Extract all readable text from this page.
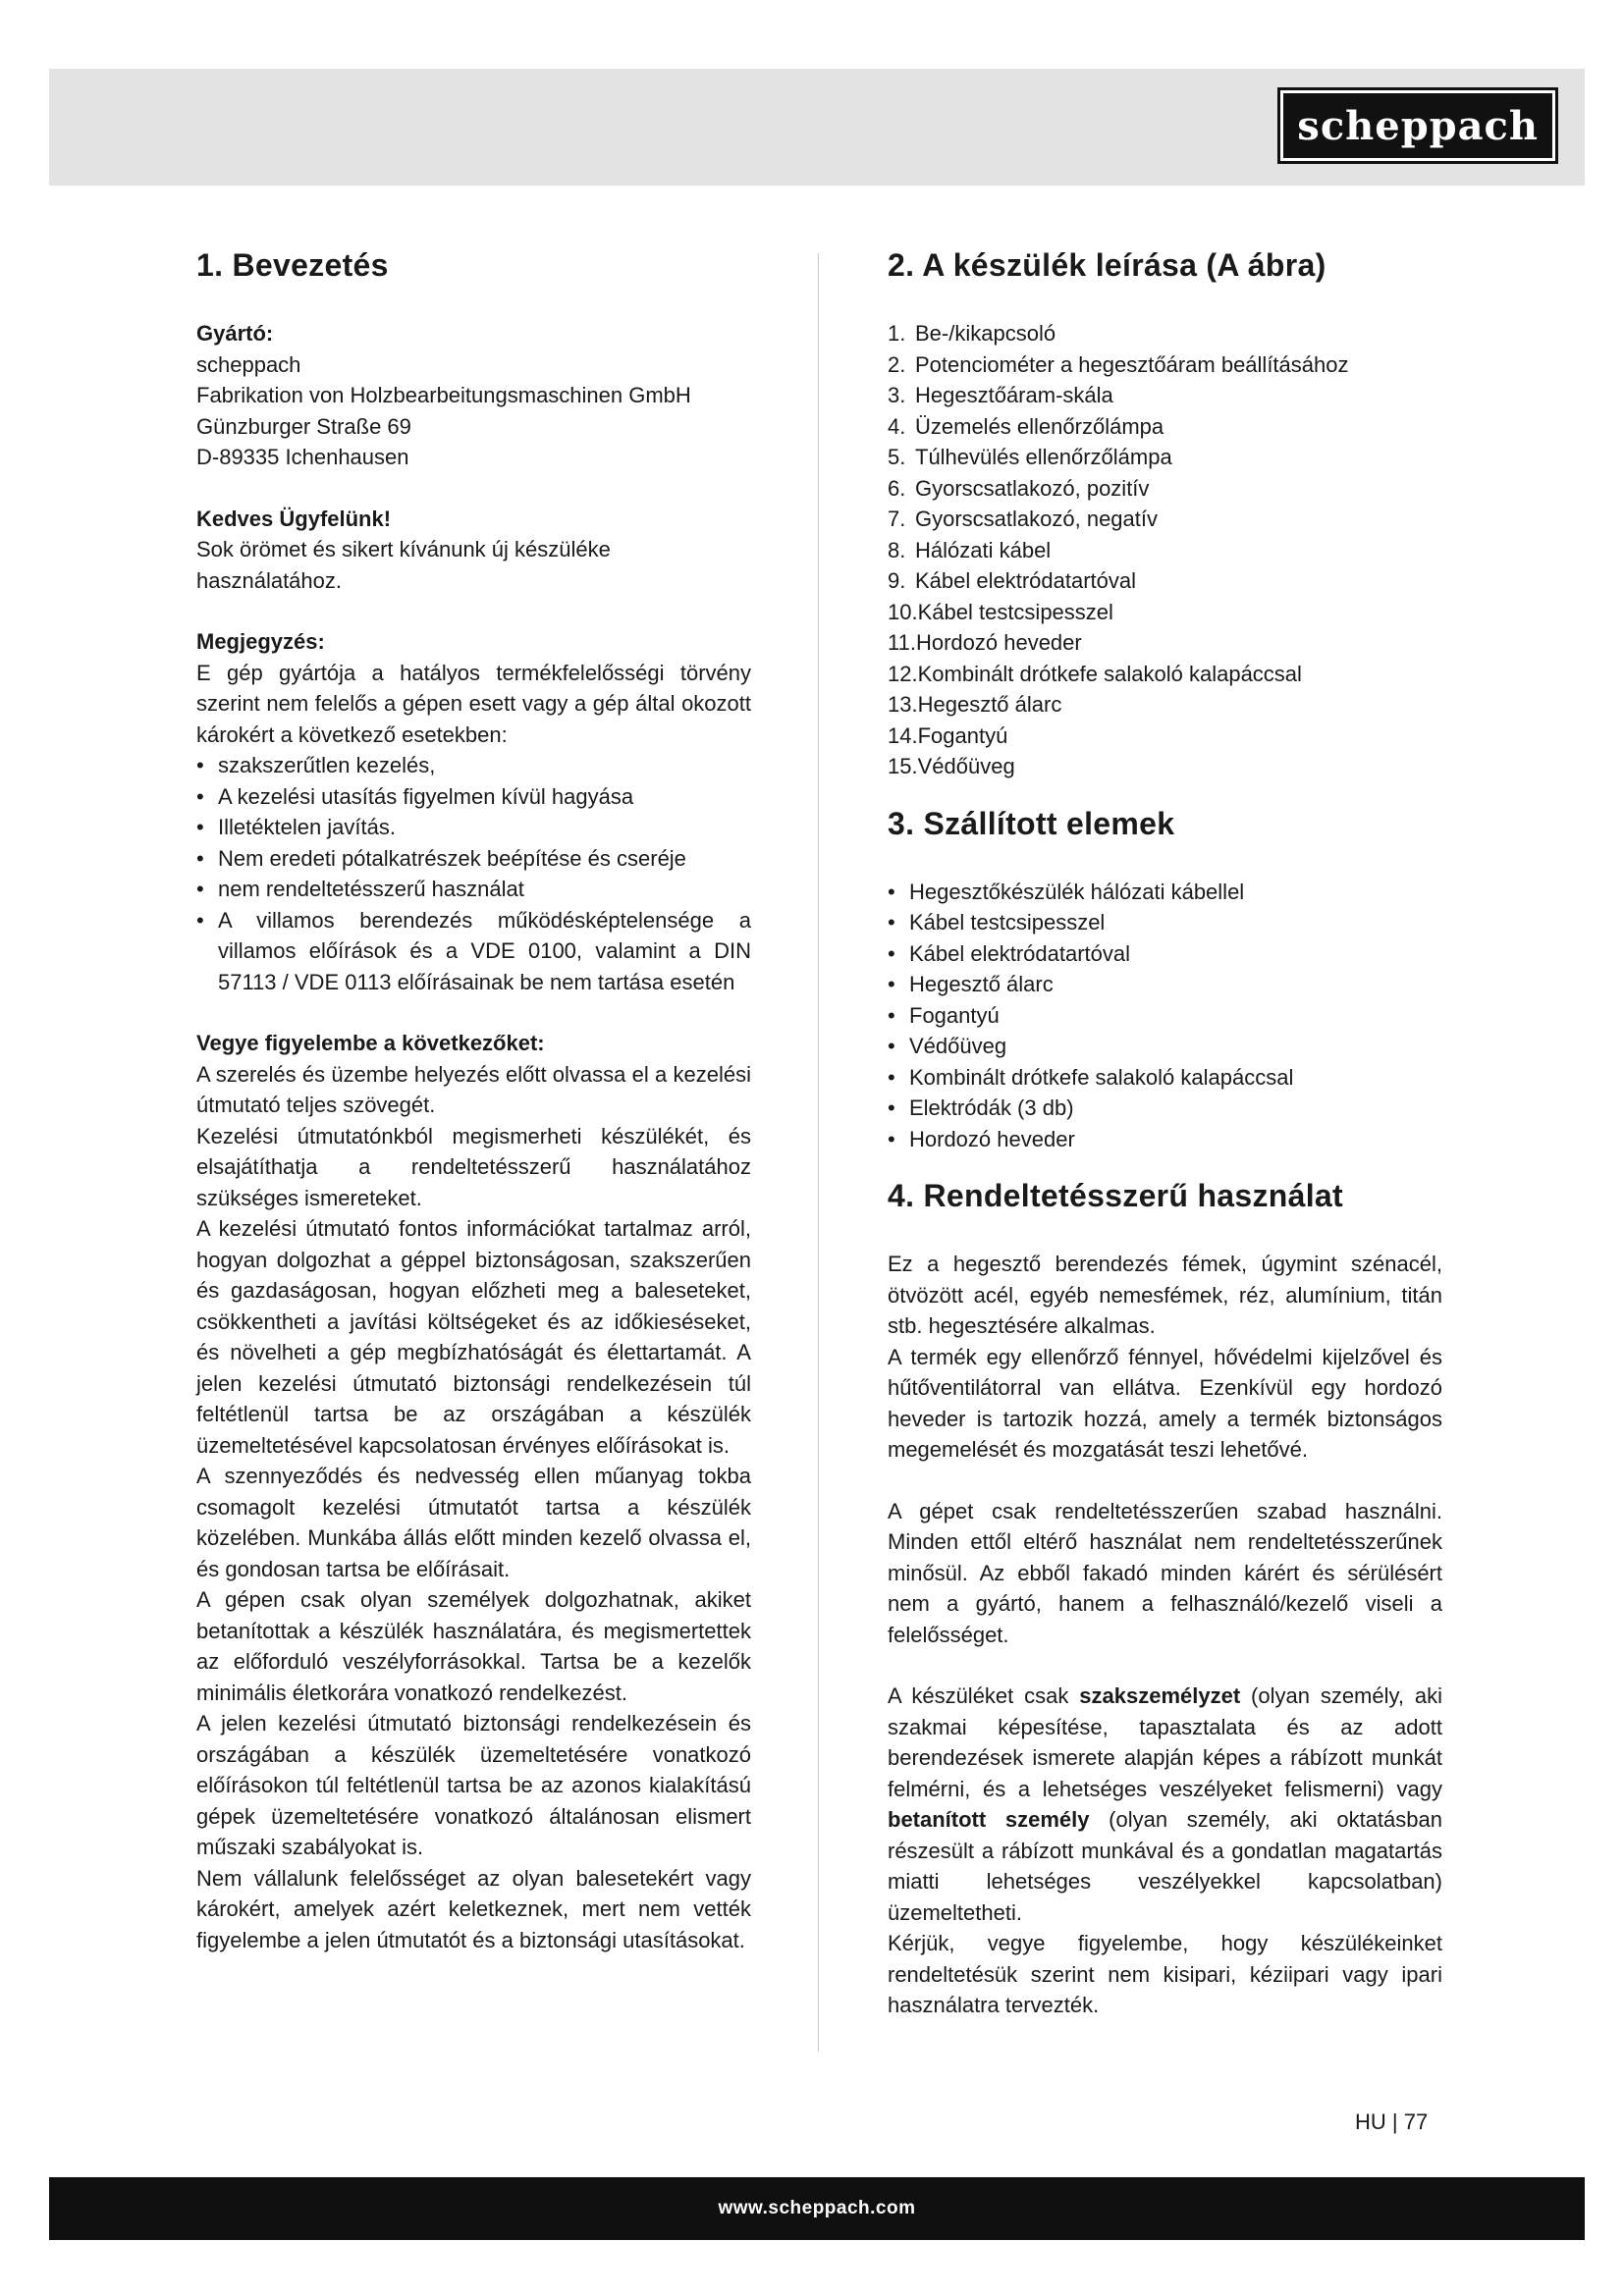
scheppach
1. Bevezetés
Gyártó:

scheppach

Fabrikation von Holzbearbeitungsmaschinen GmbH

Günzburger Straße 69

D-89335 Ichenhausen

Kedves Ügyfelünk!

Sok örömet és sikert kívánunk új készüléke használatához.

Megjegyzés:

E gép gyártója a hatályos termékfelelősségi törvény szerint nem felelős a gépen esett vagy a gép által okozott károkért a következő esetekben:

• szakszerűtlen kezelés,
• A kezelési utasítás figyelmen kívül hagyása
• Illetéktelen javítás.
• Nem eredeti pótalkatrészek beépítése és cseréje
• nem rendeltetésszerű használat
• A villamos berendezés működésképtelensége a villamos előírások és a VDE 0100, valamint a DIN 57113 / VDE 0113 előírásainak be nem tartása esetén
Vegye figyelembe a következőket:

A szerelés és üzembe helyezés előtt olvassa el a kezelési útmutató teljes szövegét.

Kezelési útmutatónkból megismerheti készülékét, és elsajátíthatja a rendeltetésszerű használatához szükséges ismereteket.

A kezelési útmutató fontos információkat tartalmaz arról, hogyan dolgozhat a géppel biztonságosan, szakszerűen és gazdaságosan, hogyan előzheti meg a baleseteket, csökkentheti a javítási költségeket és az időkieséseket, és növelheti a gép megbízhatóságát és élettartamát. A jelen kezelési útmutató biztonsági rendelkezésein túl feltétlenül tartsa be az országában a készülék üzemeltetésével kapcsolatosan érvényes előírásokat is.

A szennyeződés és nedvesség ellen műanyag tokba csomagolt kezelési útmutatót tartsa a készülék közelében. Munkába állás előtt minden kezelő olvassa el, és gondosan tartsa be előírásait.

A gépen csak olyan személyek dolgozhatnak, akiket betanítottak a készülék használatára, és megismertettek az előforduló veszélyforrásokkal. Tartsa be a kezelők minimális életkorára vonatkozó rendelkezést.

A jelen kezelési útmutató biztonsági rendelkezésein és országában a készülék üzemeltetésére vonatkozó előírásokon túl feltétlenül tartsa be az azonos kialakítású gépek üzemeltetésére vonatkozó általánosan elismert műszaki szabályokat is.

Nem vállalunk felelősséget az olyan balesetekért vagy károkért, amelyek azért keletkeznek, mert nem vették figyelembe a jelen útmutatót és a biztonsági utasításokat.

2. A készülék leírása (A ábra)
1. Be-/kikapcsoló
2. Potenciométer a hegesztőáram beállításához
3. Hegesztőáram-skála
4. Üzemelés ellenőrzőlámpa
5. Túlhevülés ellenőrzőlámpa
6. Gyorscsatlakozó, pozitív
7. Gyorscsatlakozó, negatív
8. Hálózati kábel
9. Kábel elektródatartóval
10.Kábel testcsipesszel
11.Hordozó heveder
12.Kombinált drótkefe salakoló kalapáccsal
13.Hegesztő álarc
14.Fogantyú
15.Védőüveg
3. Szállított elemek
• Hegesztőkészülék hálózati kábellel
• Kábel testcsipesszel
• Kábel elektródatartóval
• Hegesztő álarc
• Fogantyú
• Védőüveg
• Kombinált drótkefe salakoló kalapáccsal
• Elektródák (3 db)
• Hordozó heveder
4. Rendeltetésszerű használat

Ez a hegesztő berendezés fémek, úgymint szénacél, ötvözött acél, egyéb nemesfémek, réz, alumínium, titán stb. hegesztésére alkalmas.

A termék egy ellenőrző fénnyel, hővédelmi kijelzővel és hűtőventilátorral van ellátva. Ezenkívül egy hordozó heveder is tartozik hozzá, amely a termék biztonságos megemelését és mozgatását teszi lehetővé.

A gépet csak rendeltetésszerűen szabad használni. Minden ettől eltérő használat nem rendeltetésszerűnek minősül. Az ebből fakadó minden kárért és sérülésért nem a gyártó, hanem a felhasználó/kezelő viseli a felelősséget.

A készüléket csak szakszemélyzet (olyan személy, aki szakmai képesítése, tapasztalata és az adott berendezések ismerete alapján képes a rábízott munkát felmérni, és a lehetséges veszélyeket felismerni) vagy betanított személy (olyan személy, aki oktatásban részesült a rábízott munkával és a gondatlan magatartás miatti lehetséges veszélyekkel kapcsolatban) üzemeltetheti.

Kérjük, vegye figyelembe, hogy készülékeinket rendeltetésük szerint nem kisipari, kéziipari vagy ipari használatra tervezték.

HU | 77
www.scheppach.com
